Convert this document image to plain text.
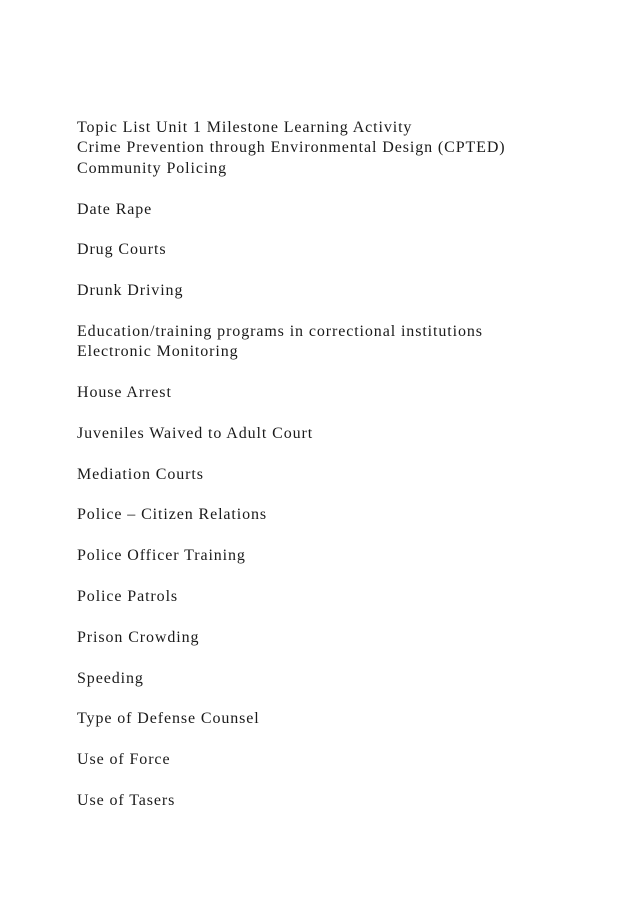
Topic List Unit 1 Milestone Learning Activity
Crime Prevention through Environmental Design (CPTED)
Community Policing
Date Rape
Drug Courts
Drunk Driving
Education/training programs in correctional institutions
Electronic Monitoring
House Arrest
Juveniles Waived to Adult Court
Mediation Courts
Police – Citizen Relations
Police Officer Training
Police Patrols
Prison Crowding
Speeding
Type of Defense Counsel
Use of Force
Use of Tasers
